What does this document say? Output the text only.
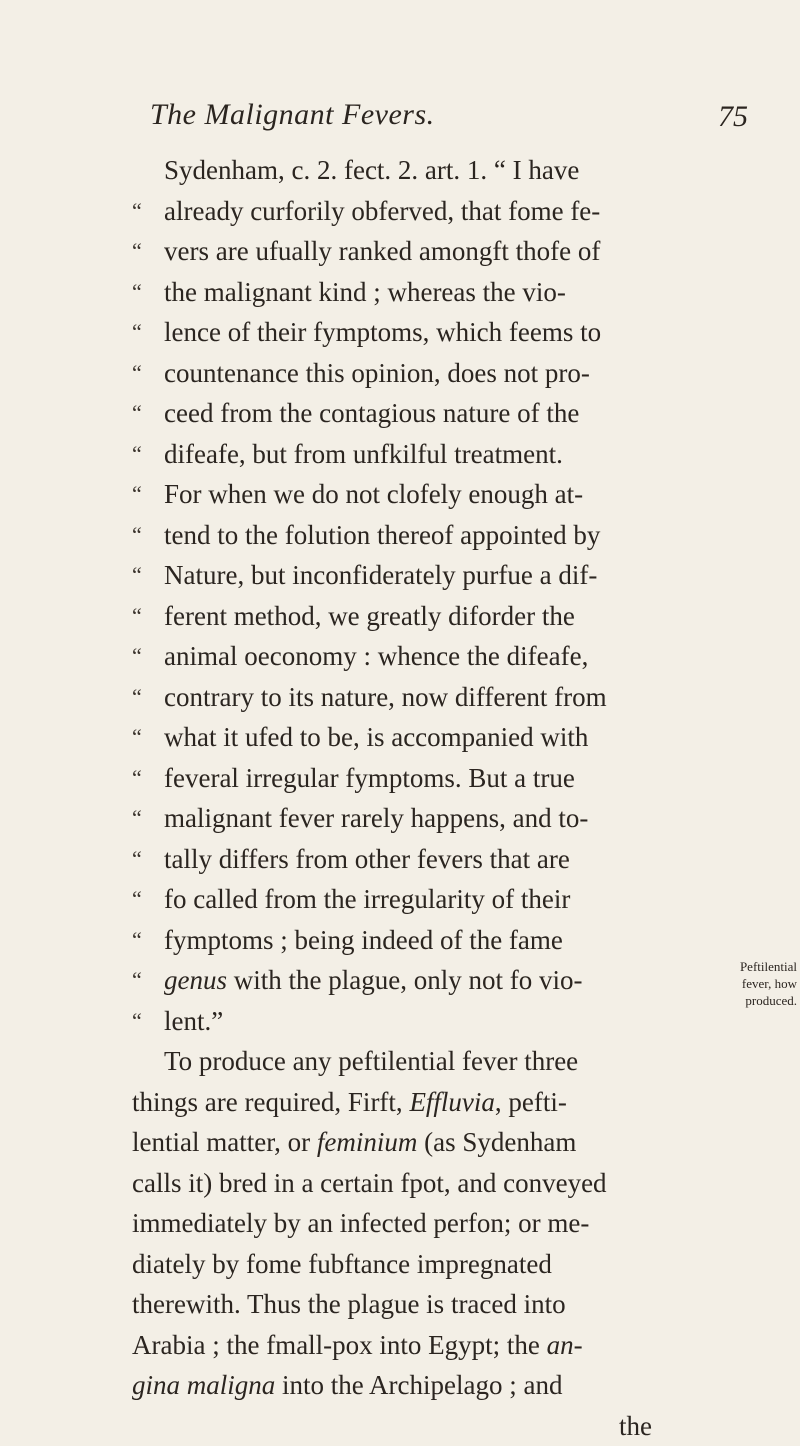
The Malignant Fevers.	75
Sydenham, c. 2. fect. 2. art. 1. “ I have
“ already curforily obferved, that fome fe-
“ vers are ufually ranked amongft thofe of
“ the malignant kind ; whereas the vio-
“ lence of their fymptoms, which feems to
“ countenance this opinion, does not pro-
“ ceed from the contagious nature of the
“ difeafe, but from unfkilful treatment.
“ For when we do not clofely enough at-
“ tend to the folution thereof appointed by
“ Nature, but inconfiderately purfue a dif-
“ ferent method, we greatly diforder the
“ animal oeconomy : whence the difeafe,
“ contrary to its nature, now different from
“ what it ufed to be, is accompanied with
“ feveral irregular fymptoms. But a true
“ malignant fever rarely happens, and to-
“ tally differs from other fevers that are
“ fo called from the irregularity of their
“ fymptoms ; being indeed of the fame
“ genus with the plague, only not fo vio-
“ lent.”
To produce any peftilential fever three
things are required, Firft, Effluvia, pefti-
lential matter, or feminium (as Sydenham
calls it) bred in a certain fpot, and conveyed
immediately by an infected perfon; or me-
diately by fome fubftance impregnated
therewith. Thus the plague is traced into
Arabia ; the fmall-pox into Egypt; the an-
gina maligna into the Archipelago ; and
the
Peftilential
fever, how
produced.
